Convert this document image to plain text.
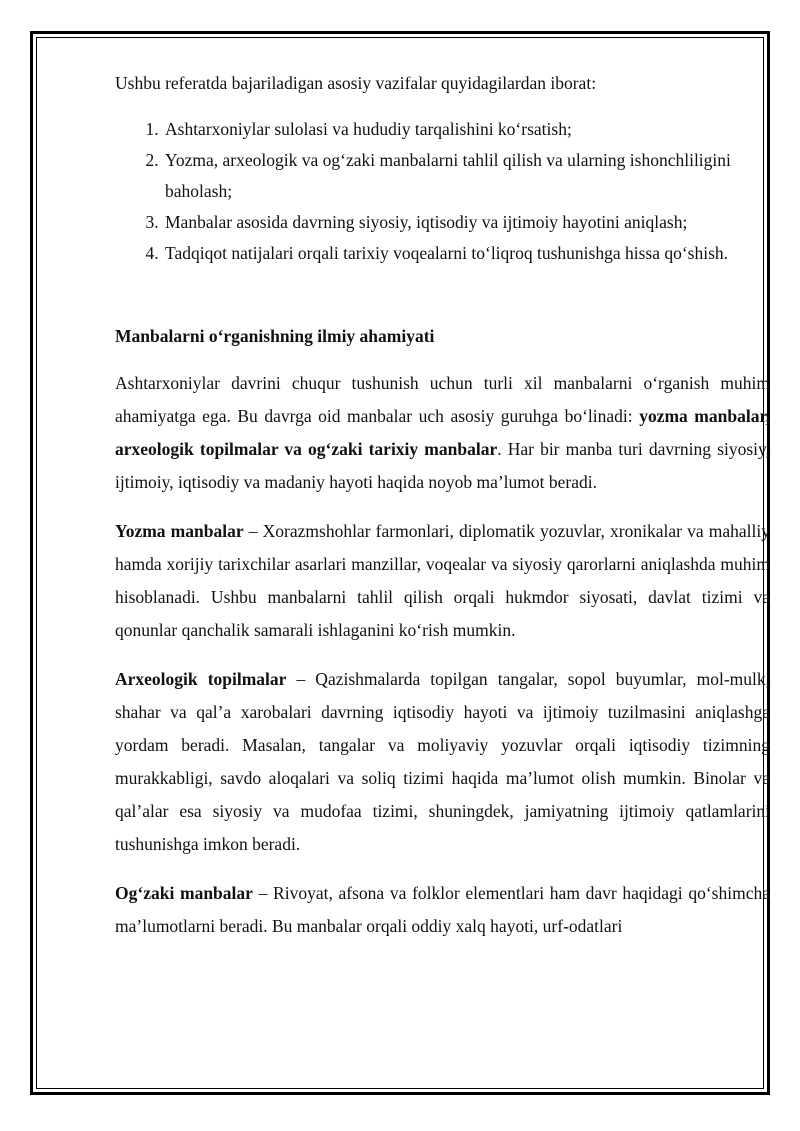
Ushbu referatda bajariladigan asosiy vazifalar quyidagilardan iborat:

1. Ashtarxoniylar sulolasi va hududiy tarqalishini ko‘rsatish;
2. Yozma, arxeologik va og‘zaki manbalarni tahlil qilish va ularning ishonchliligini baholash;
3. Manbalar asosida davrning siyosiy, iqtisodiy va ijtimoiy hayotini aniqlash;
4. Tadqiqot natijalari orqali tarixiy voqealarni to‘liqroq tushunishga hissa qo‘shish.

Manbalarni o‘rganishning ilmiy ahamiyati

Ashtarxoniylar davrini chuqur tushunish uchun turli xil manbalarni o‘rganish muhim ahamiyatga ega. Bu davrga oid manbalar uch asosiy guruhga bo‘linadi: yozma manbalar, arxeologik topilmalar va og‘zaki tarixiy manbalar. Har bir manba turi davrning siyosiy, ijtimoiy, iqtisodiy va madaniy hayoti haqida noyob ma’lumot beradi.

Yozma manbalar – Xorazmshohlar farmonlari, diplomatik yozuvlar, xronikalar va mahalliy hamda xorijiy tarixchilar asarlari manzillar, voqealar va siyosiy qarorlarni aniqlashda muhim hisoblanadi. Ushbu manbalarni tahlil qilish orqali hukmdor siyosati, davlat tizimi va qonunlar qanchalik samarali ishlaganini ko‘rish mumkin.

Arxeologik topilmalar – Qazishmalarda topilgan tangalar, sopol buyumlar, mol-mulk, shahar va qal’a xarobalari davrning iqtisodiy hayoti va ijtimoiy tuzilmasini aniqlashga yordam beradi. Masalan, tangalar va moliyaviy yozuvlar orqali iqtisodiy tizimning murakkabligi, savdo aloqalari va soliq tizimi haqida ma’lumot olish mumkin. Binolar va qal’alar esa siyosiy va mudofaa tizimi, shuningdek, jamiyatning ijtimoiy qatlamlarini tushunishga imkon beradi.

Og‘zaki manbalar – Rivoyat, afsona va folklor elementlari ham davr haqidagi qo‘shimcha ma’lumotlarni beradi. Bu manbalar orqali oddiy xalq hayoti, urf-odatlari
